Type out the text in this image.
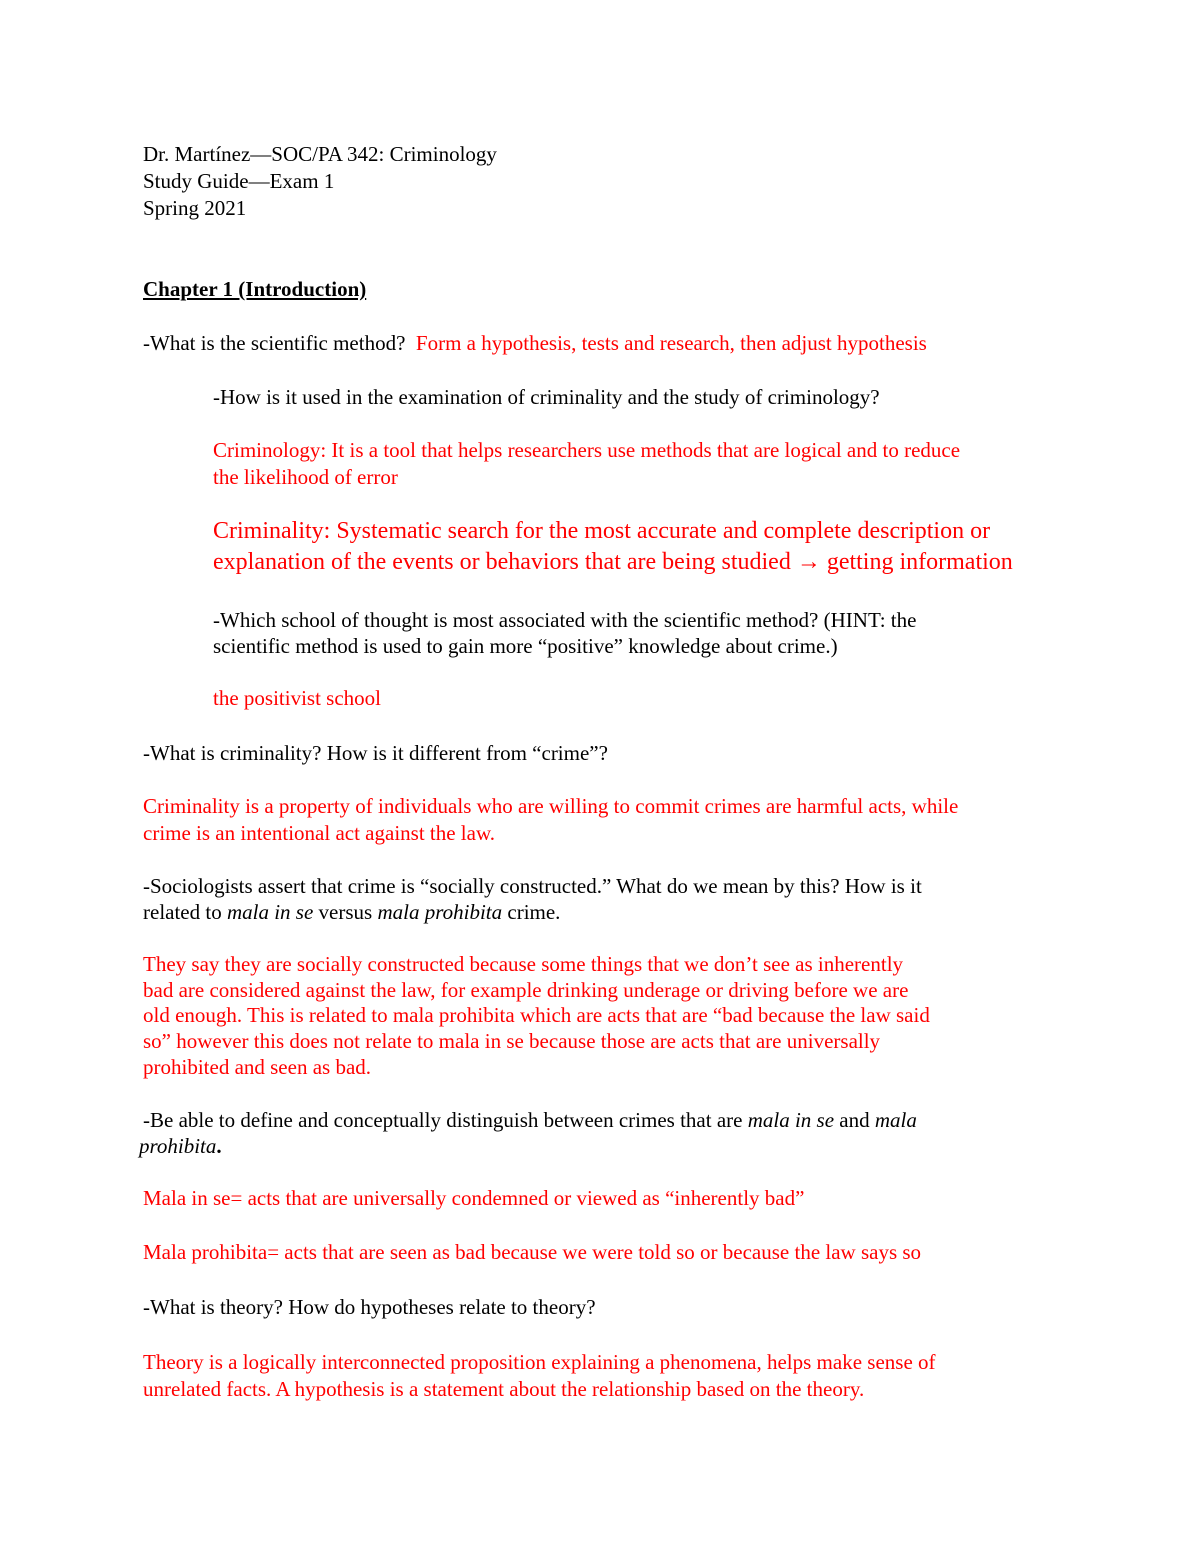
Dr. Martínez—SOC/PA 342: Criminology

Study Guide—Exam 1

Spring 2021

Chapter 1 (Introduction)

-What is the scientific method? Form a hypothesis, tests and research, then adjust hypothesis

-How is it used in the examination of criminality and the study of criminology?

Criminology: It is a tool that helps researchers use methods that are logical and to reduce

the likelihood of error

Criminality: Systematic search for the most accurate and complete description or

explanation of the events or behaviors that are being studied → getting information

-Which school of thought is most associated with the scientific method? (HINT: the

scientific method is used to gain more “positive” knowledge about crime.)

the positivist school

-What is criminality? How is it different from “crime”?

Criminality is a property of individuals who are willing to commit crimes are harmful acts, while

crime is an intentional act against the law.

-Sociologists assert that crime is “socially constructed.” What do we mean by this? How is it

related to mala in se versus mala prohibita crime.

They say they are socially constructed because some things that we don’t see as inherently

bad are considered against the law, for example drinking underage or driving before we are

old enough. This is related to mala prohibita which are acts that are “bad because the law said

so” however this does not relate to mala in se because those are acts that are universally

prohibited and seen as bad.

-Be able to define and conceptually distinguish between crimes that are mala in se and mala

prohibita.

Mala in se= acts that are universally condemned or viewed as “inherently bad”

Mala prohibita= acts that are seen as bad because we were told so or because the law says so

-What is theory? How do hypotheses relate to theory?

Theory is a logically interconnected proposition explaining a phenomena, helps make sense of

unrelated facts. A hypothesis is a statement about the relationship based on the theory.
